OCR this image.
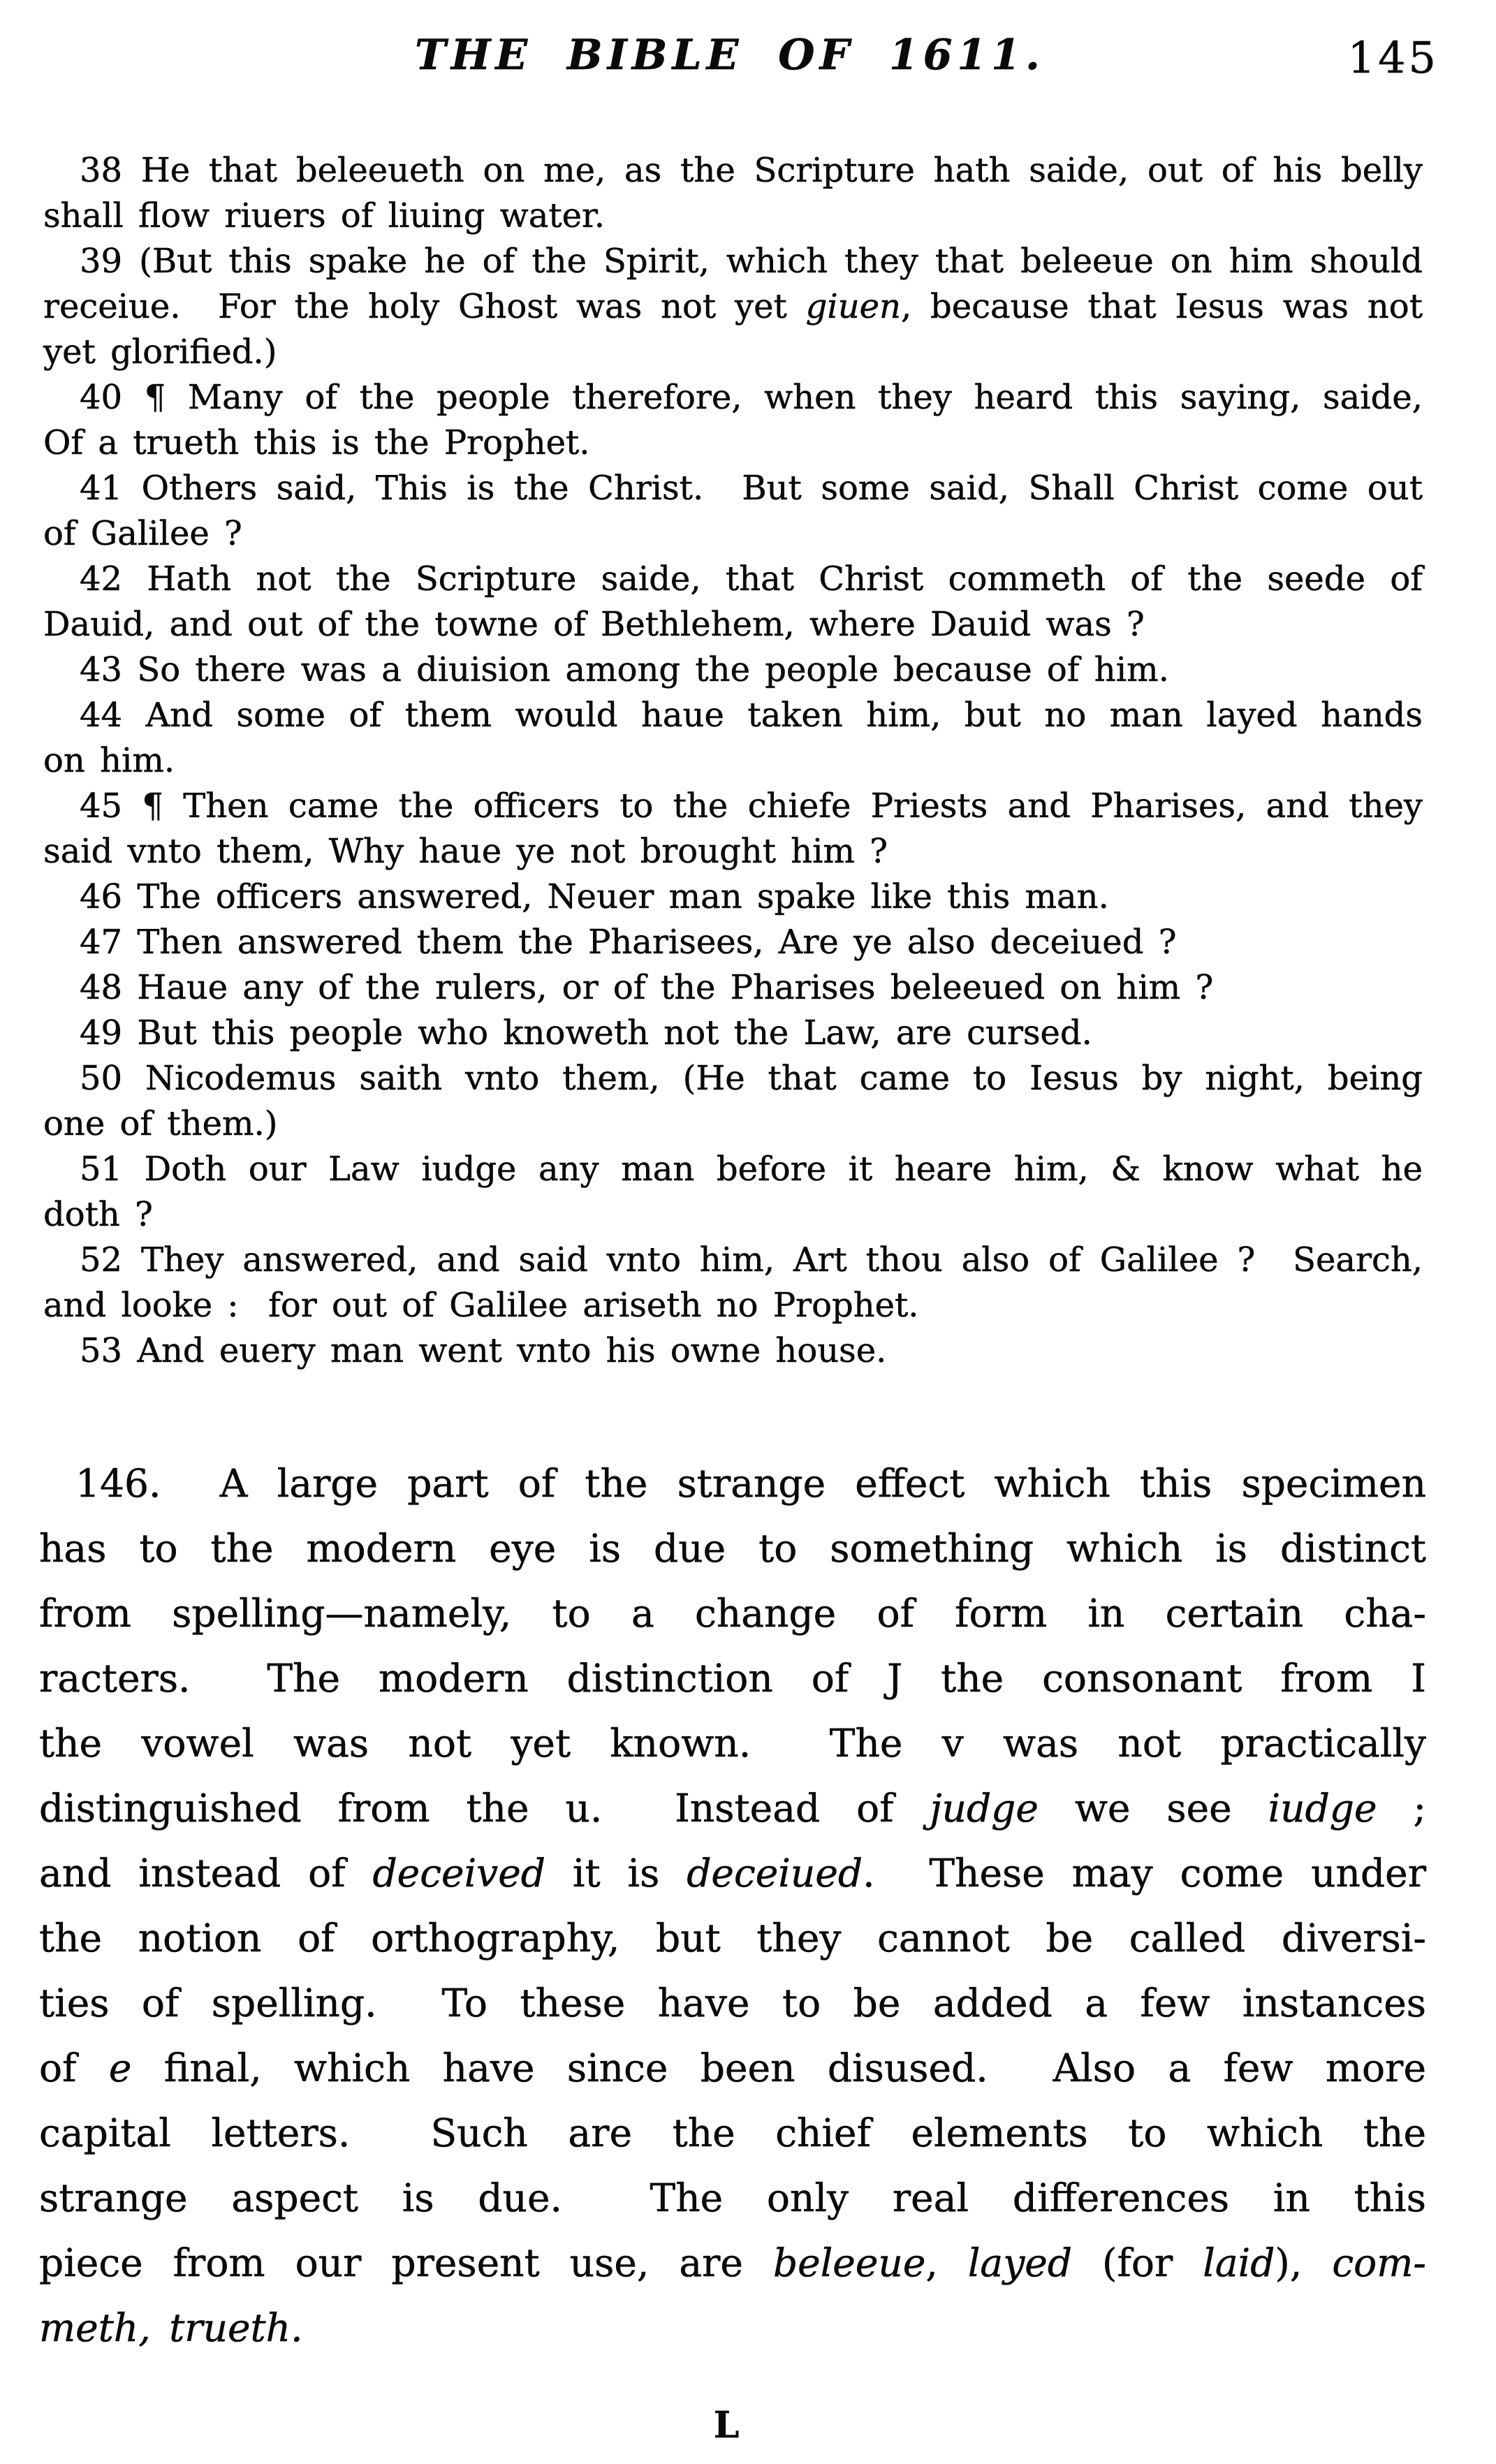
THE BIBLE OF 1611.	145
38 He that beleeueth on me, as the Scripture hath saide, out of his belly
shall flow riuers of liuing water.
39 (But this spake he of the Spirit, which they that beleeue on him should
receiue.  For the holy Ghost was not yet giuen, because that Iesus was not
yet glorified.)
40 ¶ Many of the people therefore, when they heard this saying, saide,
Of a trueth this is the Prophet.
41 Others said, This is the Christ.  But some said, Shall Christ come out
of Galilee ?
42 Hath not the Scripture saide, that Christ commeth of the seede of
Dauid, and out of the towne of Bethlehem, where Dauid was ?
43 So there was a diuision among the people because of him.
44 And some of them would haue taken him, but no man layed hands
on him.
45 ¶ Then came the officers to the chiefe Priests and Pharises, and they
said vnto them, Why haue ye not brought him ?
46 The officers answered, Neuer man spake like this man.
47 Then answered them the Pharisees, Are ye also deceiued ?
48 Haue any of the rulers, or of the Pharises beleeued on him ?
49 But this people who knoweth not the Law, are cursed.
50 Nicodemus saith vnto them, (He that came to Iesus by night, being
one of them.)
51 Doth our Law iudge any man before it heare him, & know what he
doth ?
52 They answered, and said vnto him, Art thou also of Galilee ?  Search,
and looke :  for out of Galilee ariseth no Prophet.
53 And euery man went vnto his owne house.
146.  A large part of the strange effect which this specimen
has to the modern eye is due to something which is distinct
from spelling—namely, to a change of form in certain cha-
racters.  The modern distinction of J the consonant from I
the vowel was not yet known.  The v was not practically
distinguished from the u.  Instead of judge we see iudge ;
and instead of deceived it is deceiued.  These may come under
the notion of orthography, but they cannot be called diversi-
ties of spelling.  To these have to be added a few instances
of e final, which have since been disused.  Also a few more
capital letters.  Such are the chief elements to which the
strange aspect is due.  The only real differences in this
piece from our present use, are beleeue, layed (for laid), com-
meth, trueth.
L
